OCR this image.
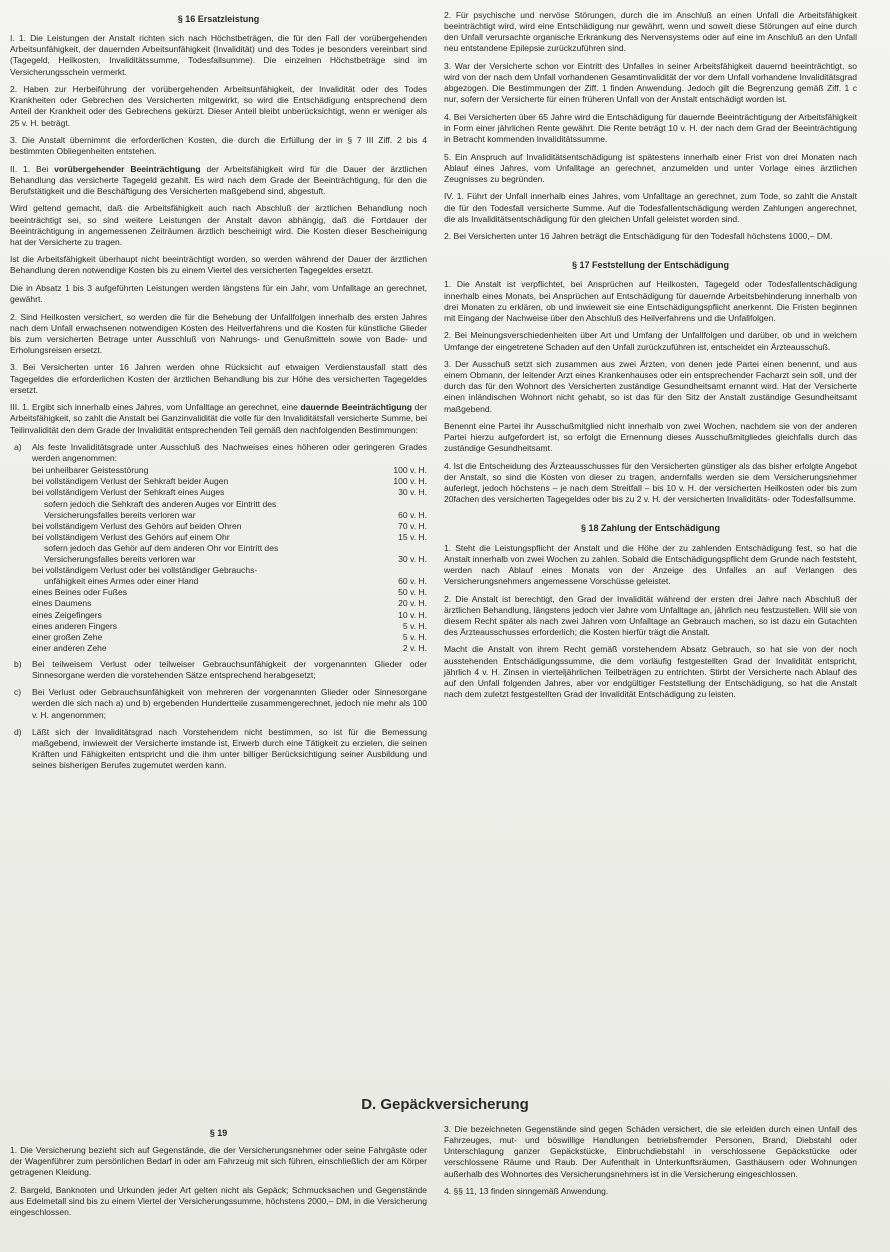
§ 16 Ersatzleistung

I. 1. Die Leistungen der Anstalt richten sich nach Höchstbeträgen, die für den Fall der vorübergehenden Arbeitsunfähigkeit, der dauernden Arbeitsunfähigkeit (Invalidität) und des Todes je besonders vereinbart sind (Tagegeld, Heilkosten, Invaliditätssumme, Todesfallsumme). Die einzelnen Höchstbeträge sind im Versicherungsschein vermerkt.

2. Haben zur Herbeiführung der vorübergehenden Arbeitsunfähigkeit, der Invalidität oder des Todes Krankheiten oder Gebrechen des Versicherten mitgewirkt, so wird die Entschädigung entsprechend dem Anteil der Krankheit oder des Gebrechens gekürzt. Dieser Anteil bleibt unberücksichtigt, wenn er weniger als 25 v. H. beträgt.

3. Die Anstalt übernimmt die erforderlichen Kosten, die durch die Erfüllung der in § 7 III Ziff. 2 bis 4 bestimmten Obliegenheiten entstehen.

II. 1. Bei vorübergehender Beeinträchtigung der Arbeitsfähigkeit wird für die Dauer der ärztlichen Behandlung das versicherte Tagegeld gezahlt. Es wird nach dem Grade der Beeinträchtigung, für den die Berufstätigkeit und die Beschäftigung des Versicherten maßgebend sind, abgestuft.

Wird geltend gemacht, daß die Arbeitsfähigkeit auch nach Abschluß der ärztlichen Behandlung noch beeinträchtigt sei, so sind weitere Leistungen der Anstalt davon abhängig, daß die Fortdauer der Beeinträchtigung in angemessenen Zeiträumen ärztlich bescheinigt wird. Die Kosten dieser Bescheinigung hat der Versicherte zu tragen.

Ist die Arbeitsfähigkeit überhaupt nicht beeinträchtigt worden, so werden während der Dauer der ärztlichen Behandlung deren notwendige Kosten bis zu einem Viertel des versicherten Tagegeldes ersetzt.

Die in Absatz 1 bis 3 aufgeführten Leistungen werden längstens für ein Jahr, vom Unfalltage an gerechnet, gewährt.

2. Sind Heilkosten versichert, so werden die für die Behebung der Unfallfolgen innerhalb des ersten Jahres nach dem Unfall erwachsenen notwendigen Kosten des Heilverfahrens und die Kosten für künstliche Glieder bis zum versicherten Betrage unter Ausschluß von Nahrungs- und Genußmitteln sowie von Bade- und Erholungsreisen ersetzt.

3. Bei Versicherten unter 16 Jahren werden ohne Rücksicht auf etwaigen Verdienstausfall statt des Tagegeldes die erforderlichen Kosten der ärztlichen Behandlung bis zur Höhe des versicherten Tagegeldes ersetzt.

III. 1. Ergibt sich innerhalb eines Jahres, vom Unfalltage an gerechnet, eine dauernde Beeinträchtigung der Arbeitsfähigkeit, so zahlt die Anstalt bei Ganzinvalidität die volle für den Invaliditätsfall versicherte Summe, bei Teilinvalidität den dem Grade der Invalidität entsprechenden Teil gemäß den nachfolgenden Bestimmungen:

a)	Als feste Invaliditätsgrade unter Ausschluß des Nachweises eines höheren oder geringeren Grades werden angenommen:
bei unheilbarer Geistesstörung	100 v. H.
bei vollständigem Verlust der Sehkraft beider Augen	100 v. H.
bei vollständigem Verlust der Sehkraft eines Auges	30 v. H.
sofern jedoch die Sehkraft des anderen Auges vor Eintritt des	
Versicherungsfalles bereits verloren war	60 v. H.
bei vollständigem Verlust des Gehörs auf beiden Ohren	70 v. H.
bei vollständigem Verlust des Gehörs auf einem Ohr	15 v. H.
sofern jedoch das Gehör auf dem anderen Ohr vor Eintritt des	
Versicherungsfalles bereits verloren war	30 v. H.
bei vollständigem Verlust oder bei vollständiger Gebrauchs-	
unfähigkeit eines Armes oder einer Hand	60 v. H.
eines Beines oder Fußes	50 v. H.
eines Daumens	20 v. H.
eines Zeigefingers	10 v. H.
eines anderen Fingers	5 v. H.
einer großen Zehe	5 v. H.
einer anderen Zehe	2 v. H.
b)	Bei teilweisem Verlust oder teilweiser Gebrauchsunfähigkeit der vorgenannten Glieder oder Sinnesorgane werden die vorstehenden Sätze entsprechend herabgesetzt;
c)	Bei Verlust oder Gebrauchsunfähigkeit von mehreren der vorgenannten Glieder oder Sinnesorgane werden die sich nach a) und b) ergebenden Hundertteile zusammengerechnet, jedoch nie mehr als 100 v. H. angenommen;
d)	Läßt sich der Invaliditätsgrad nach Vorstehendem nicht bestimmen, so ist für die Bemessung maßgebend, inwieweit der Versicherte imstande ist, Erwerb durch eine Tätigkeit zu erzielen, die seinen Kräften und Fähigkeiten entspricht und die ihm unter billiger Berücksichtigung seiner Ausbildung und seines bisherigen Berufes zugemutet werden kann.

2. Für psychische und nervöse Störungen, durch die im Anschluß an einen Unfall die Arbeitsfähigkeit beeinträchtigt wird, wird eine Entschädigung nur gewährt, wenn und soweit diese Störungen auf eine durch den Unfall verursachte organische Erkrankung des Nervensystems oder auf eine im Anschluß an den Unfall neu entstandene Epilepsie zurückzuführen sind.

3. War der Versicherte schon vor Eintritt des Unfalles in seiner Arbeitsfähigkeit dauernd beeinträchtigt, so wird von der nach dem Unfall vorhandenen Gesamtinvalidität der vor dem Unfall vorhandene Invaliditätsgrad abgezogen. Die Bestimmungen der Ziff. 1 finden Anwendung. Jedoch gilt die Begrenzung gemäß Ziff. 1 c nur, sofern der Versicherte für einen früheren Unfall von der Anstalt entschädigt worden ist.

4. Bei Versicherten über 65 Jahre wird die Entschädigung für dauernde Beeinträchtigung der Arbeitsfähigkeit in Form einer jährlichen Rente gewährt. Die Rente beträgt 10 v. H. der nach dem Grad der Beeinträchtigung in Betracht kommenden Invaliditätssumme.

5. Ein Anspruch auf Invaliditätsentschädigung ist spätestens innerhalb einer Frist von drei Monaten nach Ablauf eines Jahres, vom Unfalltage an gerechnet, anzumelden und unter Vorlage eines ärztlichen Zeugnisses zu begründen.

IV. 1. Führt der Unfall innerhalb eines Jahres, vom Unfalltage an gerechnet, zum Tode, so zahlt die Anstalt die für den Todesfall versicherte Summe. Auf die Todesfallentschädigung werden Zahlungen angerechnet, die als Invaliditätsentschädigung für den gleichen Unfall geleistet worden sind.

2. Bei Versicherten unter 16 Jahren beträgt die Entschädigung für den Todesfall höchstens 1000,– DM.

§ 17 Feststellung der Entschädigung

1. Die Anstalt ist verpflichtet, bei Ansprüchen auf Heilkosten, Tagegeld oder Todesfallentschädigung innerhalb eines Monats, bei Ansprüchen auf Entschädigung für dauernde Arbeitsbehinderung innerhalb von drei Monaten zu erklären, ob und inwieweit sie eine Entschädigungspflicht anerkennt. Die Fristen beginnen mit Eingang der Nachweise über den Abschluß des Heilverfahrens und die Unfallfolgen.

2. Bei Meinungsverschiedenheiten über Art und Umfang der Unfallfolgen und darüber, ob und in welchem Umfange der eingetretene Schaden auf den Unfall zurückzuführen ist, entscheidet ein Ärzteausschuß.

3. Der Ausschuß setzt sich zusammen aus zwei Ärzten, von denen jede Partei einen benennt, und aus einem Obmann, der leitender Arzt eines Krankenhauses oder ein entsprechender Facharzt sein soll, und der durch das für den Wohnort des Versicherten zuständige Gesundheitsamt ernannt wird. Hat der Versicherte einen inländischen Wohnort nicht gehabt, so ist das für den Sitz der Anstalt zuständige Gesundheitsamt maßgebend.

Benennt eine Partei ihr Ausschußmitglied nicht innerhalb von zwei Wochen, nachdem sie von der anderen Partei hierzu aufgefordert ist, so erfolgt die Ernennung dieses Ausschußmitgliedes gleichfalls durch das zuständige Gesundheitsamt.

4. Ist die Entscheidung des Ärzteausschusses für den Versicherten günstiger als das bisher erfolgte Angebot der Anstalt, so sind die Kosten von dieser zu tragen, andernfalls werden sie dem Versicherungsnehmer auferlegt, jedoch höchstens – je nach dem Streitfall – bis 10 v. H. der versicherten Heilkosten oder bis zum 20fachen des versicherten Tagegeldes oder bis zu 2 v. H. der versicherten Invaliditäts- oder Todesfallsumme.

§ 18 Zahlung der Entschädigung

1. Steht die Leistungspflicht der Anstalt und die Höhe der zu zahlenden Entschädigung fest, so hat die Anstalt innerhalb von zwei Wochen zu zahlen. Sobald die Entschädigungspflicht dem Grunde nach feststeht, werden nach Ablauf eines Monats von der Anzeige des Unfalles an auf Verlangen des Versicherungsnehmers angemessene Vorschüsse geleistet.

2. Die Anstalt ist berechtigt, den Grad der Invalidität während der ersten drei Jahre nach Abschluß der ärztlichen Behandlung, längstens jedoch vier Jahre vom Unfalltage an, jährlich neu festzustellen. Will sie von diesem Recht später als nach zwei Jahren vom Unfalltage an Gebrauch machen, so ist dazu ein Gutachten des Ärzteausschusses erforderlich; die Kosten hierfür trägt die Anstalt.

Macht die Anstalt von ihrem Recht gemäß vorstehendem Absatz Gebrauch, so hat sie von der noch ausstehenden Entschädigungssumme, die dem vorläufig festgestellten Grad der Invalidität entspricht, jährlich 4 v. H. Zinsen in vierteljährlichen Teilbeträgen zu entrichten. Stirbt der Versicherte nach Ablauf des auf den Unfall folgenden Jahres, aber vor endgültiger Feststellung der Entschädigung, so hat die Anstalt nach dem zuletzt festgestellten Grad der Invalidität Entschädigung zu leisten.

D. Gepäckversicherung
§ 19

1. Die Versicherung bezieht sich auf Gegenstände, die der Versicherungsnehmer oder seine Fahrgäste oder der Wagenführer zum persönlichen Bedarf in oder am Fahrzeug mit sich führen, einschließlich der am Körper getragenen Kleidung.

2. Bargeld, Banknoten und Urkunden jeder Art gelten nicht als Gepäck; Schmucksachen und Gegenstände aus Edelmetall sind bis zu einem Viertel der Versicherungssumme, höchstens 2000,– DM, in die Versicherung eingeschlossen.

3. Die bezeichneten Gegenstände sind gegen Schäden versichert, die sie erleiden durch einen Unfall des Fahrzeuges, mut- und böswillige Handlungen betriebsfremder Personen, Brand, Diebstahl oder Unterschlagung ganzer Gepäckstücke, Einbruchdiebstahl in verschlossene Gepäckstücke oder verschlossene Räume und Raub. Der Aufenthalt in Unterkunftsräumen, Gasthäusern oder Wohnungen außerhalb des Wohnortes des Versicherungsnehmers ist in die Versicherung eingeschlossen.

4. §§ 11, 13 finden sinngemäß Anwendung.
